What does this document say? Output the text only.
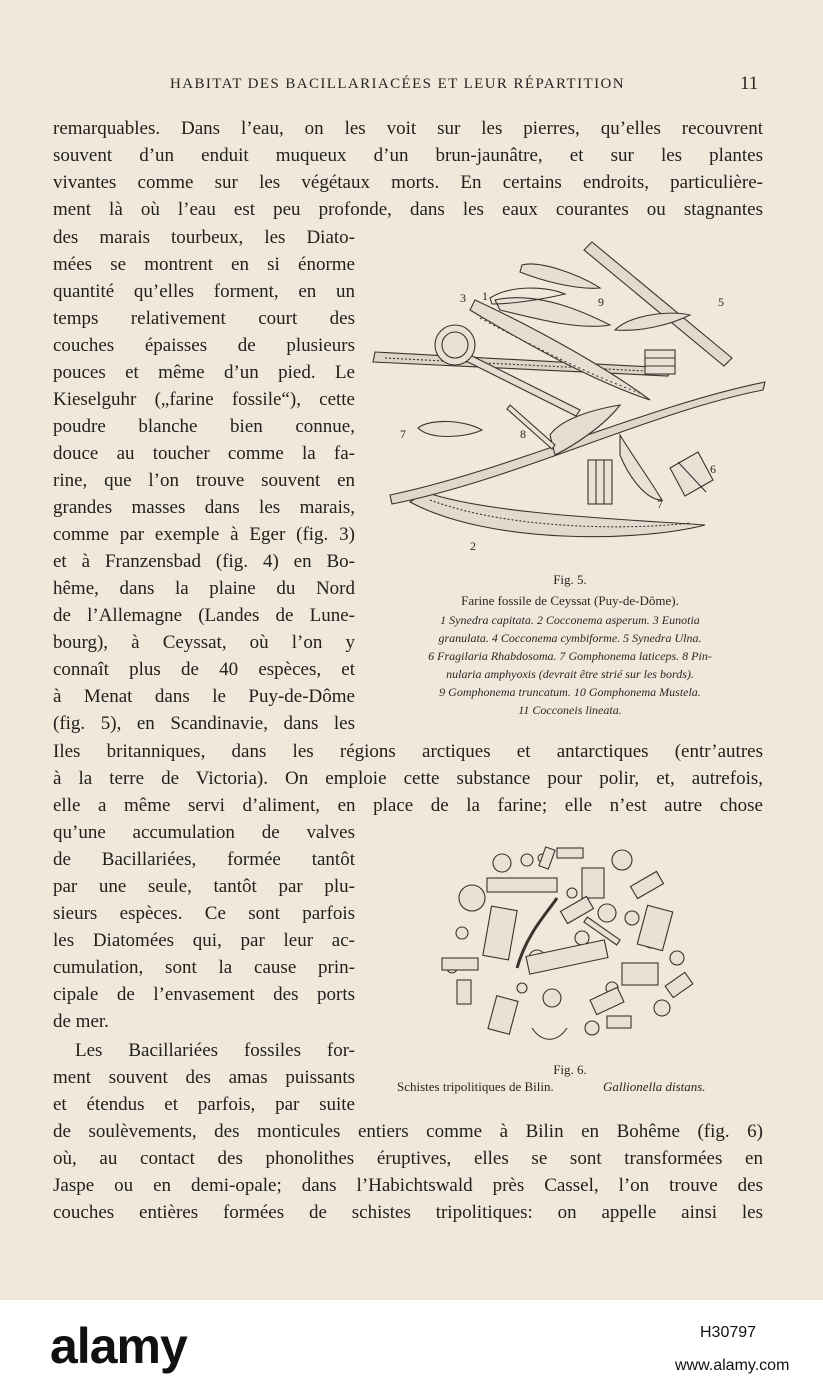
HABITAT DES BACILLARIACÉES ET LEUR RÉPARTITION	11
remarquables. Dans l’eau, on les voit sur les pierres, qu’elles recouvrent
souvent d’un enduit muqueux d’un brun-jaunâtre, et sur les plantes
vivantes comme sur les végétaux morts. En certains endroits, particulière-
ment là où l’eau est peu profonde, dans les eaux courantes ou stagnantes
des marais tourbeux, les Diato-
mées se montrent en si énorme
quantité qu’elles forment, en un
temps relativement court des
couches épaisses de plusieurs
pouces et même d’un pied. Le
Kieselguhr („farine fossile“), cette
poudre blanche bien connue,
douce au toucher comme la fa-
rine, que l’on trouve souvent en
grandes masses dans les marais,
comme par exemple à Eger (fig. 3)
et à Franzensbad (fig. 4) en Bo-
hême, dans la plaine du Nord
de l’Allemagne (Landes de Lune-
bourg), à Ceyssat, où l’on y
connaît plus de 40 espèces, et
à Menat dans le Puy-de-Dôme
(fig. 5), en Scandinavie, dans les
Iles britanniques, dans les régions arctiques et antarctiques (entr’autres
à la terre de Victoria). On emploie cette substance pour polir, et, autrefois,
elle a même servi d’aliment, en place de la farine; elle n’est autre chose
qu’une accumulation de valves
de Bacillariées, formée tantôt
par une seule, tantôt par plu-
sieurs espèces. Ce sont parfois
les Diatomées qui, par leur ac-
cumulation, sont la cause prin-
cipale de l’envasement des ports
de mer.
Les Bacillariées fossiles for-
ment souvent des amas puissants
et étendus et parfois, par suite
de soulèvements, des monticules entiers comme à Bilin en Bohême (fig. 6)
où, au contact des phonolithes éruptives, elles se sont transformées en
Jaspe ou en demi-opale; dans l’Habichtswald près Cassel, l’on trouve des
couches entières formées de schistes tripolitiques: on appelle ainsi les
3 1	9	5
7	8
6
7
2
Fig. 5.
Farine fossile de Ceyssat (Puy-de-Dôme).
1 Synedra capitata. 2 Cocconema asperum. 3 Eunotia
granulata. 4 Cocconema cymbiforme. 5 Synedra Ulna.
6 Fragilaria Rhabdosoma. 7 Gomphonema laticeps. 8 Pin-
nularia amphyoxis (devrait être strié sur les bords).
9 Gomphonema truncatum. 10 Gomphonema Mustela.
11 Cocconeis lineata.
Fig. 6.
Schistes tripolitiques de Bilin.	Gallionella distans.
alamy	H30797
www.alamy.com
